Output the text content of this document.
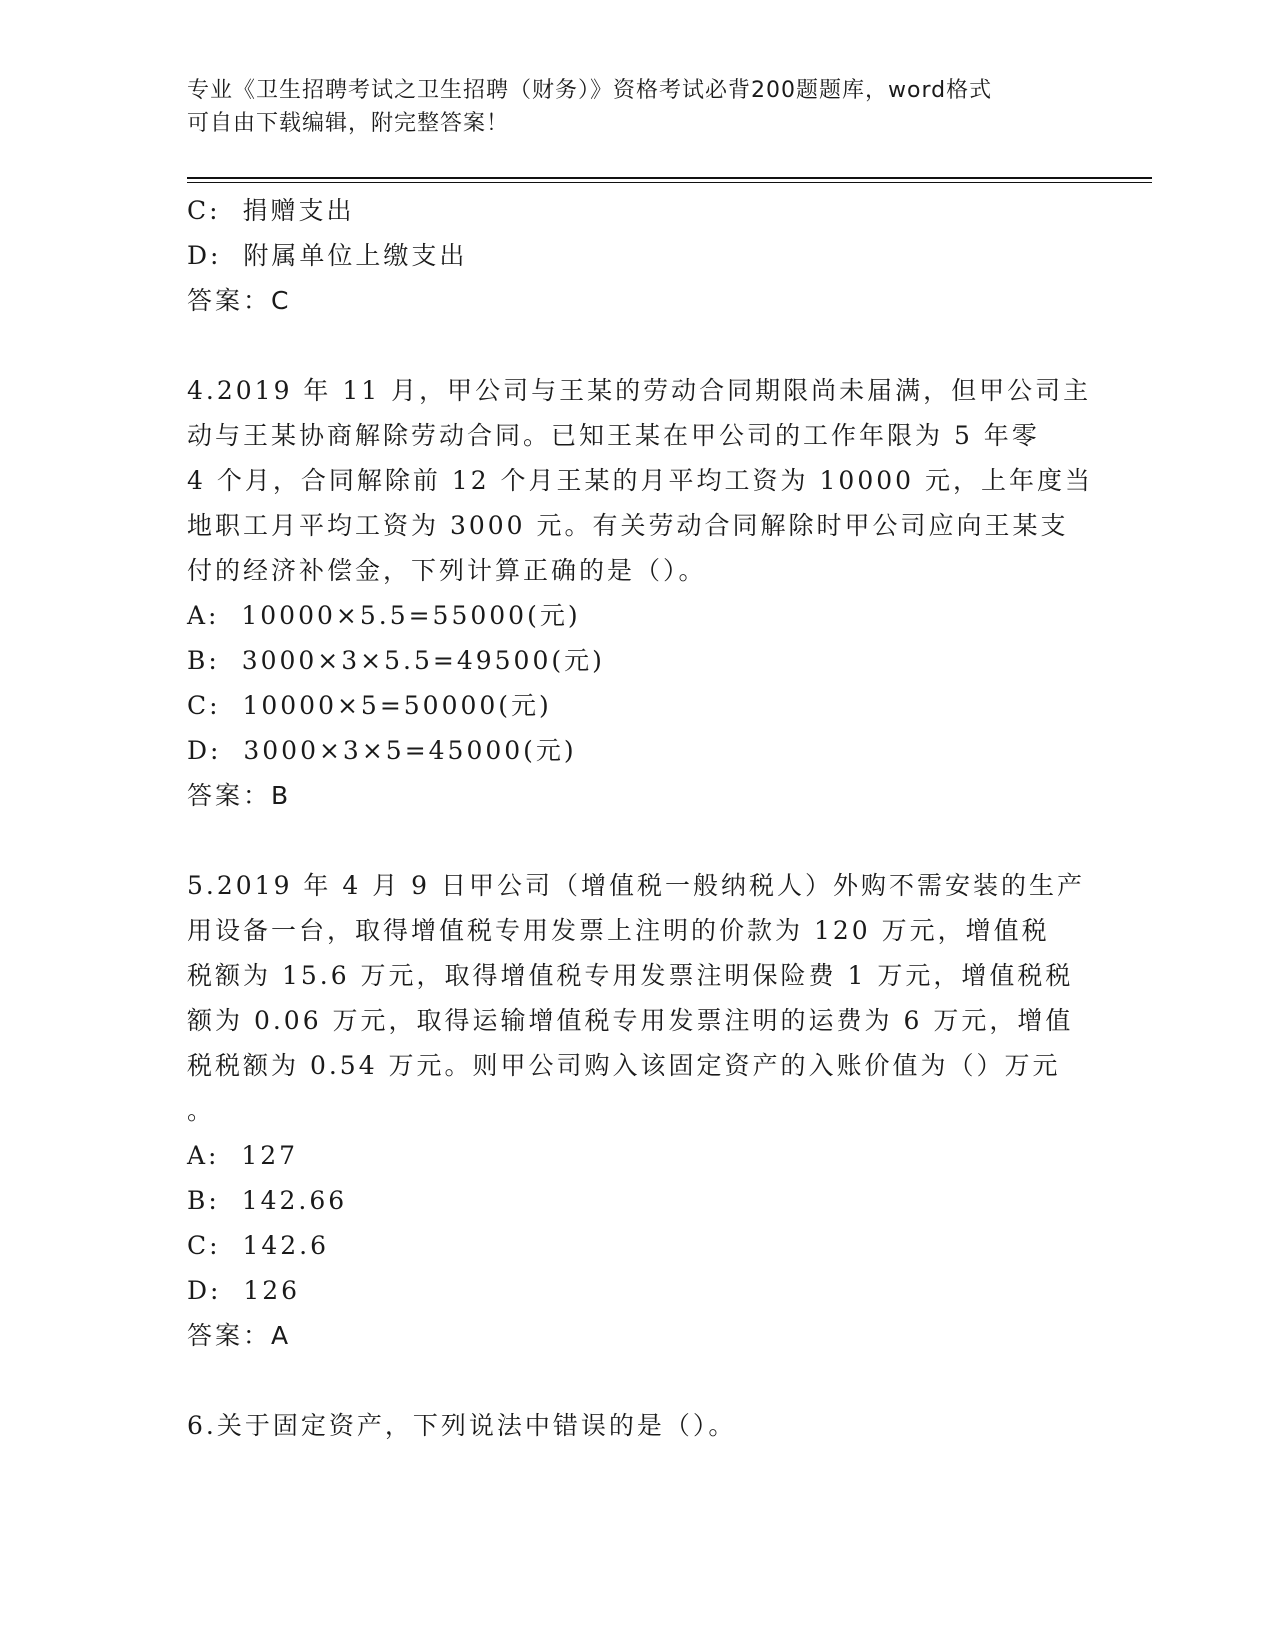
专业《卫生招聘考试之卫生招聘（财务）》资格考试必背200题题库，word格式
可自由下载编辑，附完整答案！
C:  捐赠支出
D:  附属单位上缴支出
答案：C
4.2019 年 11 月，甲公司与王某的劳动合同期限尚未届满，但甲公司主
动与王某协商解除劳动合同。已知王某在甲公司的工作年限为 5 年零
4 个月，合同解除前 12 个月王某的月平均工资为 10000 元，上年度当
地职工月平均工资为 3000 元。有关劳动合同解除时甲公司应向王某支
付的经济补偿金，下列计算正确的是（）。
A:  10000×5.5=55000(元)
B:  3000×3×5.5=49500(元)
C:  10000×5=50000(元)
D:  3000×3×5=45000(元)
答案：B
5.2019 年 4 月 9 日甲公司（增值税一般纳税人）外购不需安装的生产
用设备一台，取得增值税专用发票上注明的价款为 120 万元，增值税
税额为 15.6 万元，取得增值税专用发票注明保险费 1 万元，增值税税
额为 0.06 万元，取得运输增值税专用发票注明的运费为 6 万元，增值
税税额为 0.54 万元。则甲公司购入该固定资产的入账价值为（）万元
。
A:  127
B:  142.66
C:  142.6
D:  126
答案：A
6.关于固定资产，下列说法中错误的是（）。
